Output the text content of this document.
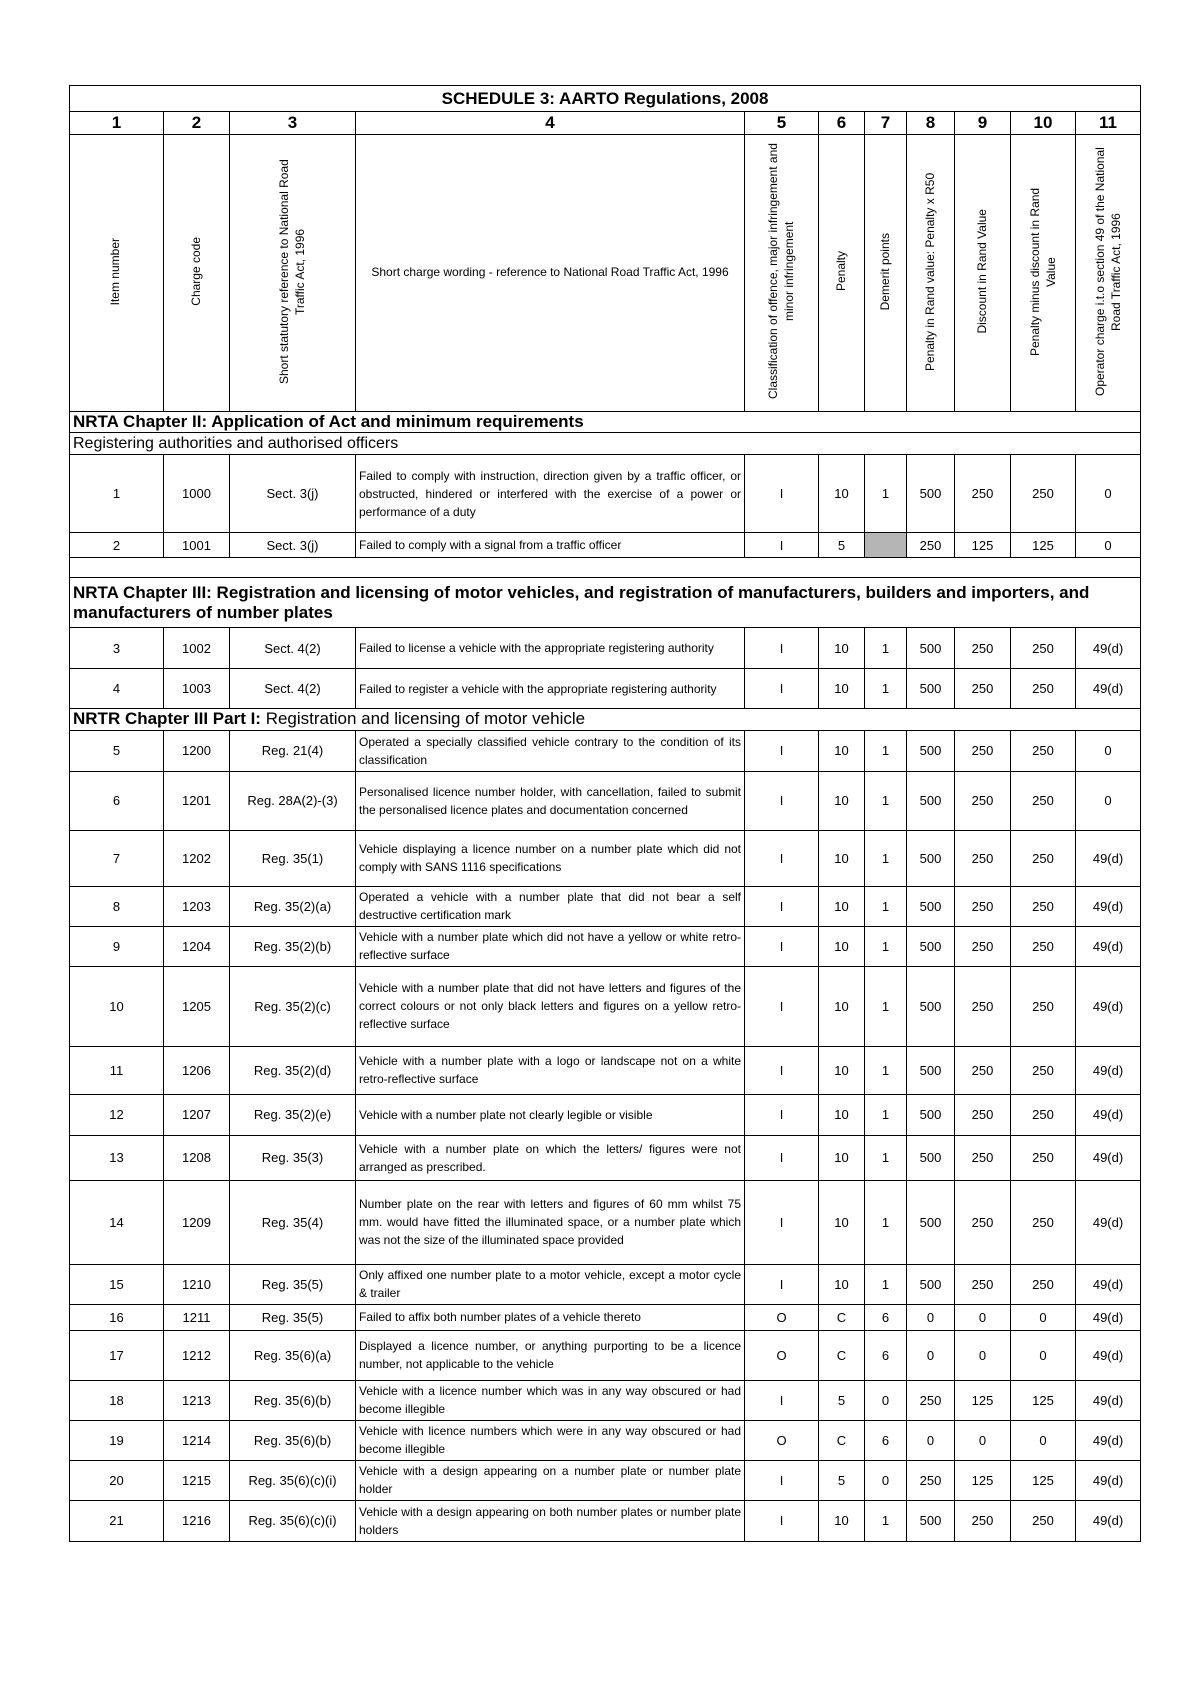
SCHEDULE 3: AARTO Regulations, 2008										
1	2	3	4	5	6	7	8	9	10	11
Item number	Charge code	Short statutory reference to National Road Traffic Act, 1996	Short charge wording - reference to National Road Traffic Act, 1996	Classification of offence, major infringement and minor infringement	Penalty	Demerit points	Penalty in Rand value: Penalty x R50	Discount in Rand Value	Penalty minus discount in Rand Value	Operator charge i.t.o section 49 of the National Road Traffic Act, 1996
NRTA Chapter II: Application of Act and minimum requirements										
Registering authorities and authorised officers										
1	1000	Sect. 3(j)	Failed to comply with instruction, direction given by a traffic officer, or obstructed, hindered or interfered with the exercise of a power or performance of a duty	I	10	1	500	250	250	0
2	1001	Sect. 3(j)	Failed to comply with a signal from a traffic officer	I	5		250	125	125	0

NRTA Chapter III: Registration and licensing of motor vehicles, and registration of manufacturers, builders and importers, and manufacturers of number plates										
3	1002	Sect. 4(2)	Failed to license a vehicle with the appropriate registering authority	I	10	1	500	250	250	49(d)
4	1003	Sect. 4(2)	Failed to register a vehicle with the appropriate registering authority	I	10	1	500	250	250	49(d)
NRTR Chapter III Part I: Registration and licensing of motor vehicle										
5	1200	Reg. 21(4)	Operated a specially classified vehicle contrary to the condition of its classification	I	10	1	500	250	250	0
6	1201	Reg. 28A(2)-(3)	Personalised licence number holder, with cancellation, failed to submit the personalised licence plates and documentation concerned	I	10	1	500	250	250	0
7	1202	Reg. 35(1)	Vehicle displaying a licence number on a number plate which did not comply with SANS 1116 specifications	I	10	1	500	250	250	49(d)
8	1203	Reg. 35(2)(a)	Operated a vehicle with a number plate that did not bear a self destructive certification mark	I	10	1	500	250	250	49(d)
9	1204	Reg. 35(2)(b)	Vehicle with a number plate which did not have a yellow or white retro-reflective surface	I	10	1	500	250	250	49(d)
10	1205	Reg. 35(2)(c)	Vehicle with a number plate that did not have letters and figures of the correct colours or not only black letters and figures on a yellow retro-reflective surface	I	10	1	500	250	250	49(d)
11	1206	Reg. 35(2)(d)	Vehicle with a number plate with a logo or landscape not on a white retro-reflective surface	I	10	1	500	250	250	49(d)
12	1207	Reg. 35(2)(e)	Vehicle with a number plate not clearly legible or visible	I	10	1	500	250	250	49(d)
13	1208	Reg. 35(3)	Vehicle with a number plate on which the letters/ figures were not arranged as prescribed.	I	10	1	500	250	250	49(d)
14	1209	Reg. 35(4)	Number plate on the rear with letters and figures of 60 mm whilst 75 mm. would have fitted the illuminated space, or a number plate which was not the size of the illuminated space provided	I	10	1	500	250	250	49(d)
15	1210	Reg. 35(5)	Only affixed one number plate to a motor vehicle, except a motor cycle & trailer	I	10	1	500	250	250	49(d)
16	1211	Reg. 35(5)	Failed to affix both number plates of a vehicle thereto	O	C	6	0	0	0	49(d)
17	1212	Reg. 35(6)(a)	Displayed a licence number, or anything purporting to be a licence number, not applicable to the vehicle	O	C	6	0	0	0	49(d)
18	1213	Reg. 35(6)(b)	Vehicle with a licence number which was in any way obscured or had become illegible	I	5	0	250	125	125	49(d)
19	1214	Reg. 35(6)(b)	Vehicle with licence numbers which were in any way obscured or had become illegible	O	C	6	0	0	0	49(d)
20	1215	Reg. 35(6)(c)(i)	Vehicle with a design appearing on a number plate or number plate holder	I	5	0	250	125	125	49(d)
21	1216	Reg. 35(6)(c)(i)	Vehicle with a design appearing on both number plates or number plate holders	I	10	1	500	250	250	49(d)
